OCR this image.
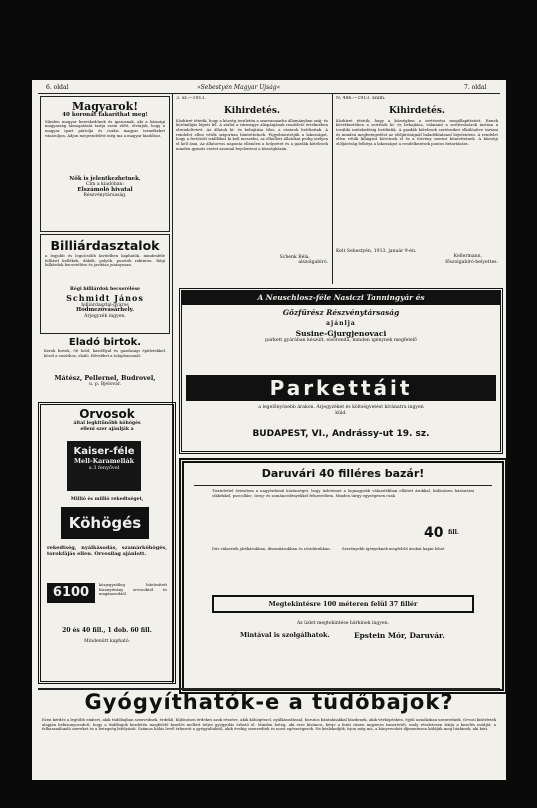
6. oldal	»Sebestyén Magyar Ujság«	7. oldal
Magyarok!
40 koronát takaríthat meg!
Minden magyar kereskedőnek és iparosnak, aki a bánsági magyarság támogatását tartja szem előtt, elvárjuk, hogy a magyar ipart pártolja és csakis magyar termékeket vásároljon. Adjon megrendelést még ma a magyar kiadóhoz.
Nők is jelentkezhetnek.
Cím a kiadóban:
Elszámoló hivatal
Részvénytársaság.
Billiárdasztalok
a legjobb és legolcsóbb kivitelben kaphatók, mindenféle billiárd kellékek, dákók, golyók, posztók raktáron. Régi billiárdok becserélése és javítása jutányosan.
Régi billiárdok becserélése
Schmidt János
billiárdasztal-gyáros
Hódmezővásárhely.
Árjegyzék ingyen.
Eladó birtok.
Kerek birtok, 96 hold, kastéllyal és gazdasági épületekkel, közel a vasúthoz, eladó. Bővebbet a tulajdonosnál:
Mátész, Pellernel, Budrovel,
u. p. Bjelovár.
Orvosok
által legkitűnőbb köhögés
elleni szer ajánlják a
Kaiser-féle
Mell-Karamellák
a 3 fenyővel
Millió és millió rekedtséget,
Köhögés
rekedtség, nyálkásodás, szamárköhögés, torokfájás ellen. Orvosilag ajánlott.
6100
közjegyzőileg hitelesített bizonyítvány orvosoktól és magánosoktól.
20 és 40 fill., 1 dob. 60 fill.
Mindenütt kapható.
3. sz.—1913.
Kihirdetés.
Közhírré tétetik, hogy a község területén a szarvasmarha állományban száj- és körömfájás lépett fel. A zárlat a vármegye alispánjának rendelete értelmében elrendeltetett. Az állatok ki- és behajtása tilos, a vásárok betiltattak. A rendelet ellen vétők szigorúan büntettetnek. Figyelmeztetjük a lakosságot, hogy a fertőzött istállókat ki kell meszelni, az elhullott állatokat pedig mélyen el kell ásni. Az állatorvos naponta ellenőrzi a helyzetet és a gazdák kötelesek minden gyanús esetet azonnal bejelenteni a községházán.
Schenk Béla,
alszolgabíró.
N. 486.—1913. szám.
Kihirdetés.
Közhírré tétetik, hogy a községben a sertésvész megállapíttatott. Ennek következtében a sertések ki- és behajtása, valamint a sertésvásárok tartása a további intézkedésig betiltatik. A gazdák kötelesek sertéseiket elkülönítve tartani és minden megbetegedést az elöljáróságnál haladéktalanul bejelenteni. A rendelet ellen vétők kihágást követnek el és a törvény szerint büntettetnek. A községi elöljáróság felhívja a lakosságot a rendelkezések pontos betartására.
Kelt Sebestyén, 1913. január 9-én.
Kellermann,
főszolgabíró-helyettes.
A Neuschlosz-féle Nasiczi Tanningyár és
Gőzfűrész Részvénytársaság
ajánlja
Susine-Gjurgjenovaci
parkett gyárában készült, elsőrendű, minden igénynek megfelelő
Parkettáit
a legelőnyösebb árakon. Árjegyzéket és költségvetést kívánatra ingyen küld.
BUDAPEST, VI., Andrássy-ut 19. sz.
Daruvári 40 filléres bazár!
Tisztelettel értesítem a nagyérdemű közönséget, hogy üzletemet a legnagyobb választékban ellátott árukkal, különösen háztartási cikkekkel, porcellán-, üveg- és zománcedényekkel felszereltem. Minden tárgy egységesen csak
40 fill.
Dús választék játékárukban, díszműárukban és rövidárukban.	Szerényebb igényeknek megfelelő árukat kapni lehet
Megtekintésre 100 méteren felül 37 fillér
Az üzlet megtekintése bárkinek ingyen.
Mintával is szolgálhatok.	Epstein Mór, Daruvár.
Gyógyíthatók-e a tüdőbajok?
Ezen kérdés a legtöbb embert, akik tüdőbajban szenvednek, érdekli. Különösen érdekes azok részére, akik köhögéssel, nyálkásodással, hurutos bántalmakkal küzdenek, akik vérköpésben, éjjeli izzadásban szenvednek. Orvosi kísérletek alapján bebizonyosodott, hogy a tüdőbajok kezdetén megfelelő kezelés mellett teljes gyógyulás érhető el. Minden beteg, aki erre kíváncsi, kérje a fenti címen ingyenes ismertetőt, mely részletesen leírja a kezelés módját, a felhasználandó szereket és a betegség lefolyását. Számos hálás levél érkezett a gyógyultaktól, akik évekig szenvedtek és most egészségesek. Ne késlekedjék, írjon még ma, a könyvecskét díjmentesen küldjük meg bárkinek, aki kéri.
